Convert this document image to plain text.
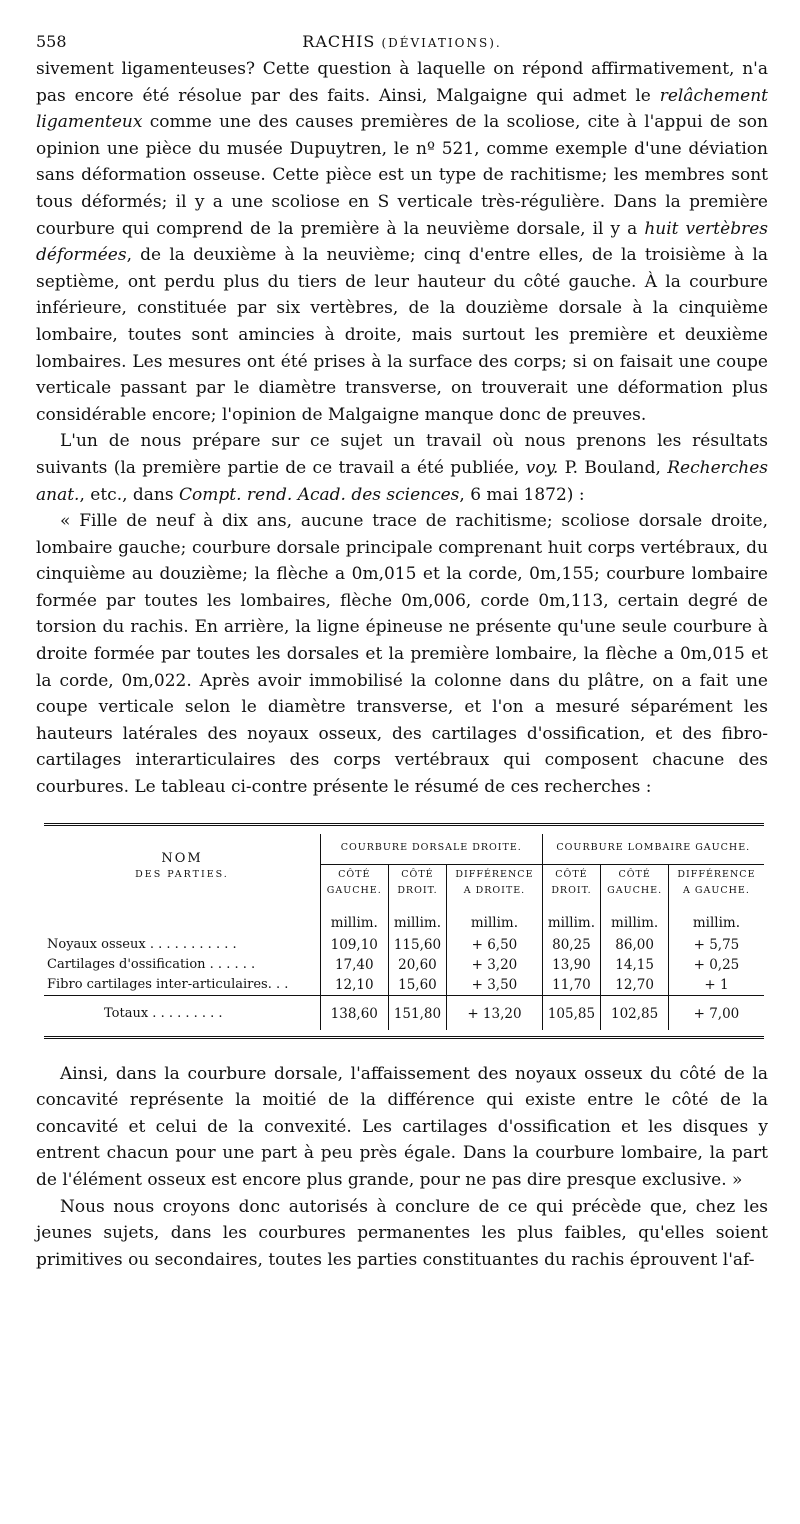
558	RACHIS (DÉVIATIONS).

sivement ligamenteuses? Cette question à laquelle on répond affirmativement, n'a pas encore été résolue par des faits. Ainsi, Malgaigne qui admet le relâchement ligamenteux comme une des causes premières de la scoliose, cite à l'appui de son opinion une pièce du musée Dupuytren, le nº 521, comme exemple d'une déviation sans déformation osseuse. Cette pièce est un type de rachitisme; les membres sont tous déformés; il y a une scoliose en S verticale très-régulière. Dans la première courbure qui comprend de la première à la neuvième dorsale, il y a huit vertèbres déformées, de la deuxième à la neuvième; cinq d'entre elles, de la troisième à la septième, ont perdu plus du tiers de leur hauteur du côté gauche. À la courbure inférieure, constituée par six vertèbres, de la douzième dorsale à la cinquième lombaire, toutes sont amincies à droite, mais surtout les première et deuxième lombaires. Les mesures ont été prises à la surface des corps; si on faisait une coupe verticale passant par le diamètre transverse, on trouverait une déformation plus considérable encore; l'opinion de Malgaigne manque donc de preuves.

L'un de nous prépare sur ce sujet un travail où nous prenons les résultats suivants (la première partie de ce travail a été publiée, voy. P. Bouland, Recherches anat., etc., dans Compt. rend. Acad. des sciences, 6 mai 1872) :

« Fille de neuf à dix ans, aucune trace de rachitisme; scoliose dorsale droite, lombaire gauche; courbure dorsale principale comprenant huit corps vertébraux, du cinquième au douzième; la flèche a 0m,015 et la corde, 0m,155; courbure lombaire formée par toutes les lombaires, flèche 0m,006, corde 0m,113, certain degré de torsion du rachis. En arrière, la ligne épineuse ne présente qu'une seule courbure à droite formée par toutes les dorsales et la première lombaire, la flèche a 0m,015 et la corde, 0m,022. Après avoir immobilisé la colonne dans du plâtre, on a fait une coupe verticale selon le diamètre transverse, et l'on a mesuré séparément les hauteurs latérales des noyaux osseux, des cartilages d'ossification, et des fibro-cartilages interarticulaires des corps vertébraux qui composent chacune des courbures. Le tableau ci-contre présente le résumé de ces recherches :

NOM
DES PARTIES.	COURBURE DORSALE DROITE.			COURBURE LOMBAIRE GAUCHE.		
	CÔTÉ GAUCHE.	CÔTÉ DROIT.	DIFFÉRENCE A DROITE.	CÔTÉ DROIT.	CÔTÉ GAUCHE.	DIFFÉRENCE A GAUCHE.
	millim.	millim.	millim.	millim.	millim.	millim.
Noyaux osseux . . . . . . . . . . .	109,10	115,60	+ 6,50	80,25	86,00	+ 5,75
Cartilages d'ossification . . . . . .	17,40	20,60	+ 3,20	13,90	14,15	+ 0,25
Fibro cartilages inter-articulaires. . .	12,10	15,60	+ 3,50	11,70	12,70	+ 1
Totaux . . . . . . . . .	138,60	151,80	+ 13,20	105,85	102,85	+ 7,00

Ainsi, dans la courbure dorsale, l'affaissement des noyaux osseux du côté de la concavité représente la moitié de la différence qui existe entre le côté de la concavité et celui de la convexité. Les cartilages d'ossification et les disques y entrent chacun pour une part à peu près égale. Dans la courbure lombaire, la part de l'élément osseux est encore plus grande, pour ne pas dire presque exclusive. »

Nous nous croyons donc autorisés à conclure de ce qui précède que, chez les jeunes sujets, dans les courbures permanentes les plus faibles, qu'elles soient primitives ou secondaires, toutes les parties constituantes du rachis éprouvent l'af-
